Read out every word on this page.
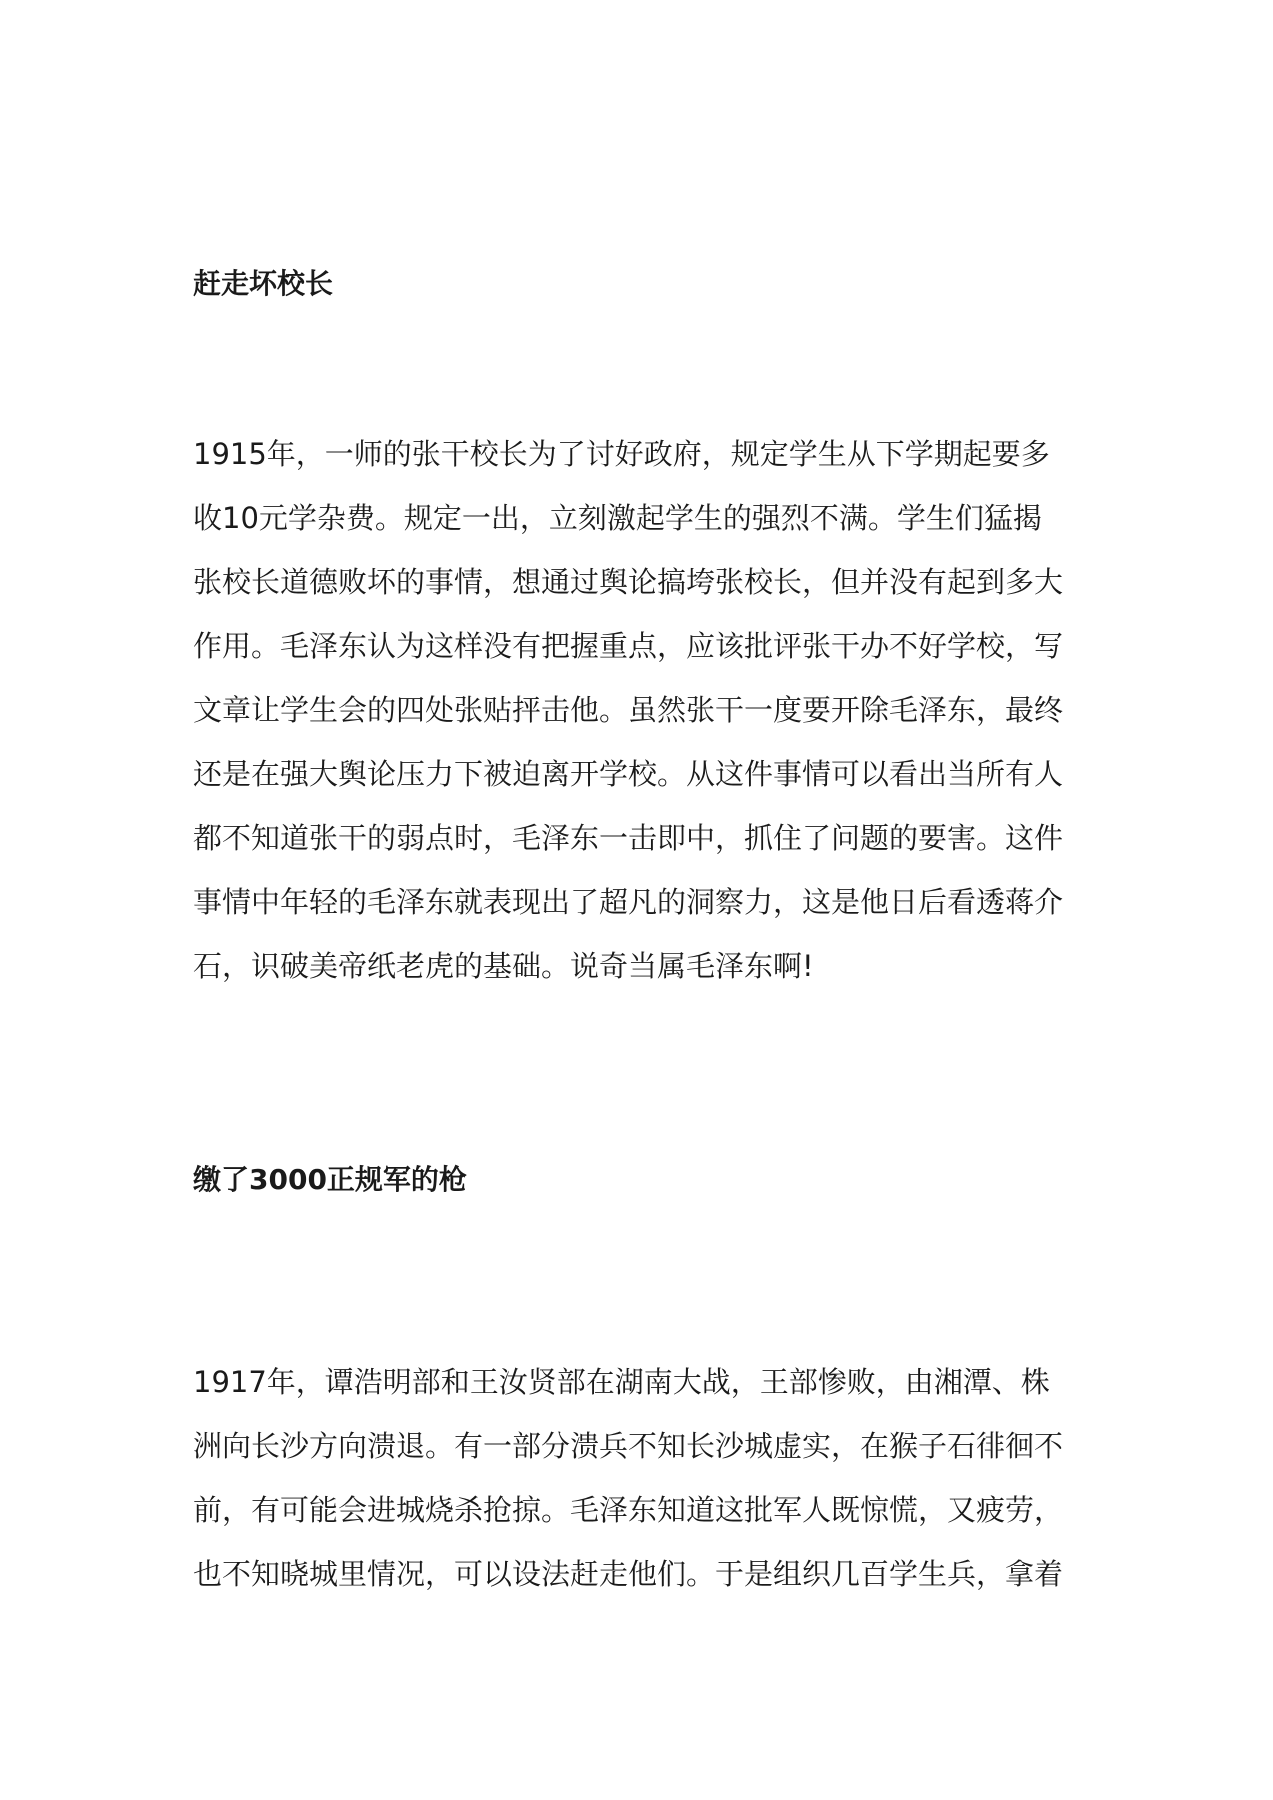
赶走坏校长
1915年，一师的张干校长为了讨好政府，规定学生从下学期起要多
收10元学杂费。规定一出，立刻激起学生的强烈不满。学生们猛揭
张校长道德败坏的事情，想通过舆论搞垮张校长，但并没有起到多大
作用。毛泽东认为这样没有把握重点，应该批评张干办不好学校，写
文章让学生会的四处张贴抨击他。虽然张干一度要开除毛泽东，最终
还是在强大舆论压力下被迫离开学校。从这件事情可以看出当所有人
都不知道张干的弱点时，毛泽东一击即中，抓住了问题的要害。这件
事情中年轻的毛泽东就表现出了超凡的洞察力，这是他日后看透蒋介
石，识破美帝纸老虎的基础。说奇当属毛泽东啊!
缴了3000正规军的枪
1917年，谭浩明部和王汝贤部在湖南大战，王部惨败，由湘潭、株
洲向长沙方向溃退。有一部分溃兵不知长沙城虚实，在猴子石徘徊不
前，有可能会进城烧杀抢掠。毛泽东知道这批军人既惊慌，又疲劳，
也不知晓城里情况，可以设法赶走他们。于是组织几百学生兵，拿着
